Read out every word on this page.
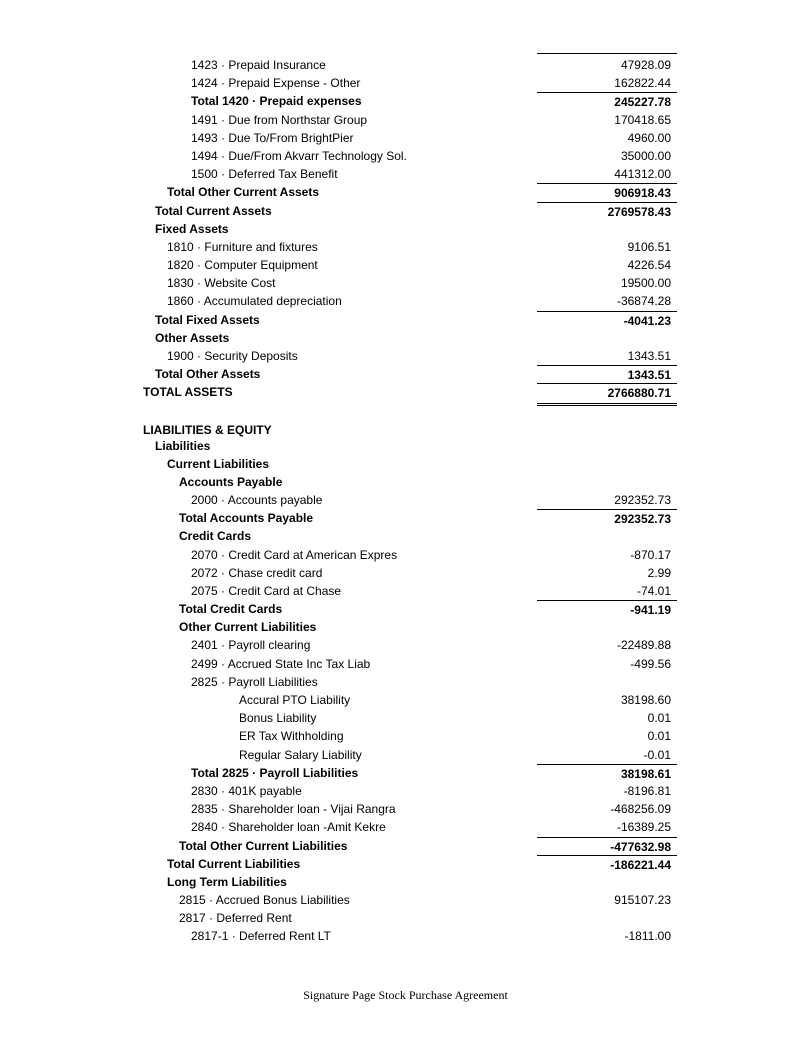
1423 · Prepaid Insurance	47928.09
1424 · Prepaid Expense - Other	162822.44
Total 1420 · Prepaid expenses	245227.78
1491 · Due from Northstar Group	170418.65
1493 · Due To/From BrightPier	4960.00
1494 · Due/From Akvarr Technology Sol.	35000.00
1500 · Deferred Tax Benefit	441312.00
Total Other Current Assets	906918.43
Total Current Assets	2769578.43
Fixed Assets
1810 · Furniture and fixtures	9106.51
1820 · Computer Equipment	4226.54
1830 · Website Cost	19500.00
1860 · Accumulated depreciation	-36874.28
Total Fixed Assets	-4041.23
Other Assets
1900 · Security Deposits	1343.51
Total Other Assets	1343.51
TOTAL ASSETS	2766880.71
LIABILITIES & EQUITY
Liabilities
Current Liabilities
Accounts Payable
2000 · Accounts payable	292352.73
Total Accounts Payable	292352.73
Credit Cards
2070 · Credit Card at American Expres	-870.17
2072 · Chase credit card	2.99
2075 · Credit Card at Chase	-74.01
Total Credit Cards	-941.19
Other Current Liabilities
2401 · Payroll clearing	-22489.88
2499 · Accrued State Inc Tax Liab	-499.56
2825 · Payroll Liabilities
Accural PTO Liability	38198.60
Bonus Liability	0.01
ER Tax Withholding	0.01
Regular Salary Liability	-0.01
Total 2825 · Payroll Liabilities	38198.61
2830 · 401K payable	-8196.81
2835 · Shareholder loan - Vijai Rangra	-468256.09
2840 · Shareholder loan -Amit Kekre	-16389.25
Total Other Current Liabilities	-477632.98
Total Current Liabilities	-186221.44
Long Term Liabilities
2815 · Accrued Bonus Liabilities	915107.23
2817 · Deferred Rent
2817-1 · Deferred Rent LT	-1811.00
Signature Page Stock Purchase Agreement
